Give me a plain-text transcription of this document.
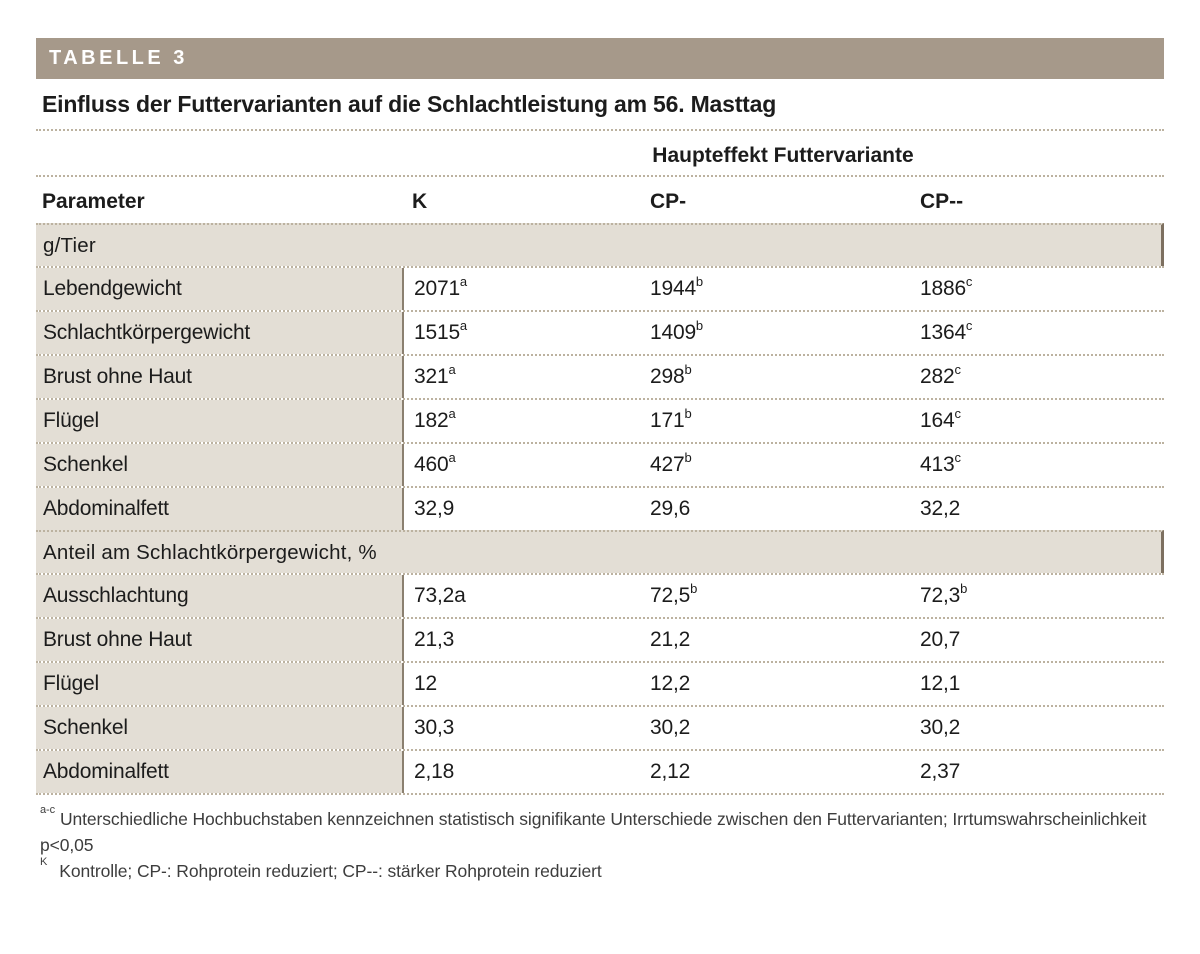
TABELLE 3
Einfluss der Futtervarianten auf die Schlachtleistung am 56. Masttag
Haupteffekt Futtervariante
Parameter	K	CP-	CP--
g/Tier
Lebendgewicht	2071$^a$	1944$^b$	1886$^c$
Schlachtkörpergewicht	1515$^a$	1409$^b$	1364$^c$
Brust ohne Haut	321$^a$	298$^b$	282$^c$
Flügel	182$^a$	171$^b$	164$^c$
Schenkel	460$^a$	427$^b$	413$^c$
Abdominalfett	32,9	29,6	32,2
Anteil am Schlachtkörpergewicht, %
Ausschlachtung	73,2a	72,5$^b$	72,3 $^b$
Brust ohne Haut	21,3	21,2	20,7
Flügel	12	12,2	12,1
Schenkel	30,3	30,2	30,2
Abdominalfett	2,18	2,12	2,37

$^{a-c}$ Unterschiedliche Hochbuchstaben kennzeichnen statistisch signifikante Unterschiede zwischen den Futtervarianten; Irrtumswahrscheinlichkeit p<0,05

$^K$ Kontrolle; CP-: Rohprotein reduziert; CP--: stärker Rohprotein reduziert
